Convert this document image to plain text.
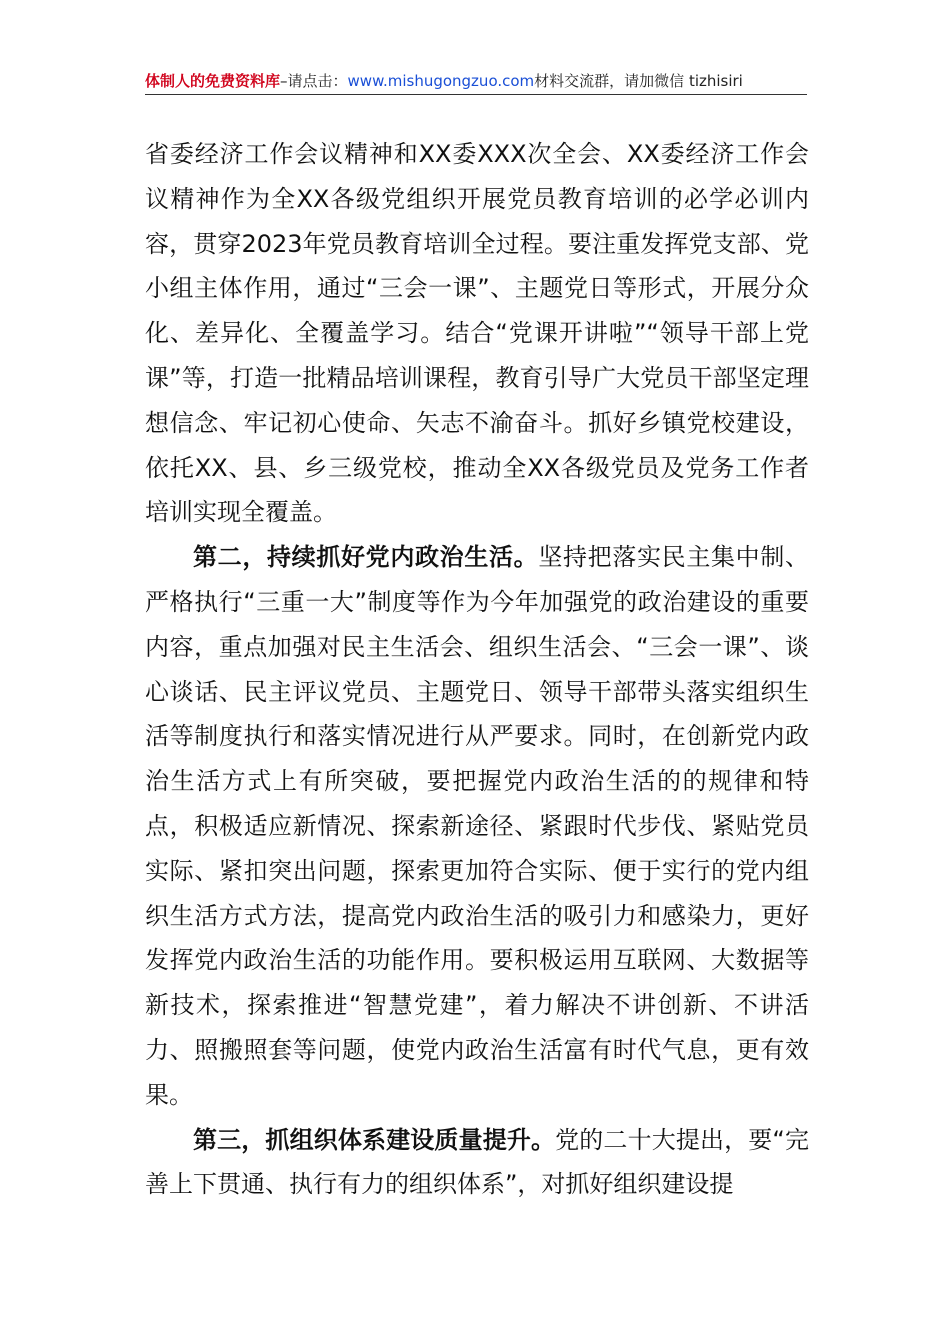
体制人的免费资料库–请点击：www.mishugongzuo.com材料交流群，请加微信 tizhisiri

省委经济工作会议精神和XX委XXX次全会、XX委经济工作会议精神作为全XX各级党组织开展党员教育培训的必学必训内容，贯穿2023年党员教育培训全过程。要注重发挥党支部、党小组主体作用，通过“三会一课”、主题党日等形式，开展分众化、差异化、全覆盖学习。结合“党课开讲啦”“领导干部上党课”等，打造一批精品培训课程，教育引导广大党员干部坚定理想信念、牢记初心使命、矢志不渝奋斗。抓好乡镇党校建设，依托XX、县、乡三级党校，推动全XX各级党员及党务工作者培训实现全覆盖。

第二，持续抓好党内政治生活。坚持把落实民主集中制、严格执行“三重一大”制度等作为今年加强党的政治建设的重要内容，重点加强对民主生活会、组织生活会、“三会一课”、谈心谈话、民主评议党员、主题党日、领导干部带头落实组织生活等制度执行和落实情况进行从严要求。同时，在创新党内政治生活方式上有所突破，要把握党内政治生活的的规律和特点，积极适应新情况、探索新途径、紧跟时代步伐、紧贴党员实际、紧扣突出问题，探索更加符合实际、便于实行的党内组织生活方式方法，提高党内政治生活的吸引力和感染力，更好发挥党内政治生活的功能作用。要积极运用互联网、大数据等新技术，探索推进“智慧党建”，着力解决不讲创新、不讲活力、照搬照套等问题，使党内政治生活富有时代气息，更有效果。

第三，抓组织体系建设质量提升。党的二十大提出，要“完善上下贯通、执行有力的组织体系”，对抓好组织建设提
